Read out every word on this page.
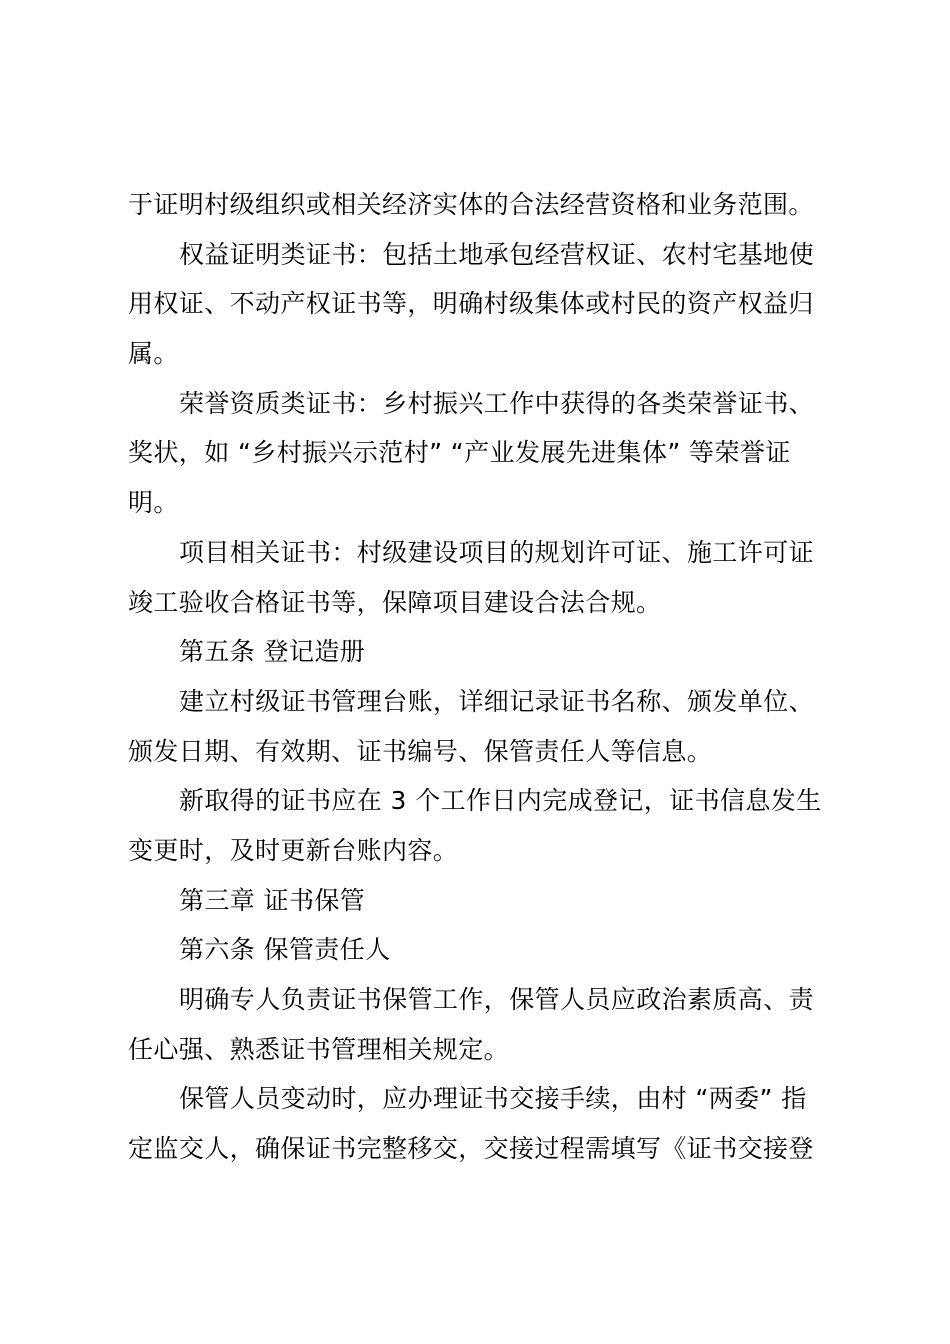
于证明村级组织或相关经济实体的合法经营资格和业务范围。
权益证明类证书：包括土地承包经营权证、农村宅基地使
用权证、不动产权证书等，明确村级集体或村民的资产权益归
属。
荣誉资质类证书：乡村振兴工作中获得的各类荣誉证书、
奖状，如 “乡村振兴示范村” “产业发展先进集体” 等荣誉证
明。
项目相关证书：村级建设项目的规划许可证、施工许可证
竣工验收合格证书等，保障项目建设合法合规。
第五条 登记造册
建立村级证书管理台账，详细记录证书名称、颁发单位、
颁发日期、有效期、证书编号、保管责任人等信息。
新取得的证书应在 3 个工作日内完成登记，证书信息发生
变更时，及时更新台账内容。
第三章 证书保管
第六条 保管责任人
明确专人负责证书保管工作，保管人员应政治素质高、责
任心强、熟悉证书管理相关规定。
保管人员变动时，应办理证书交接手续，由村 “两委” 指
定监交人，确保证书完整移交，交接过程需填写《证书交接登
